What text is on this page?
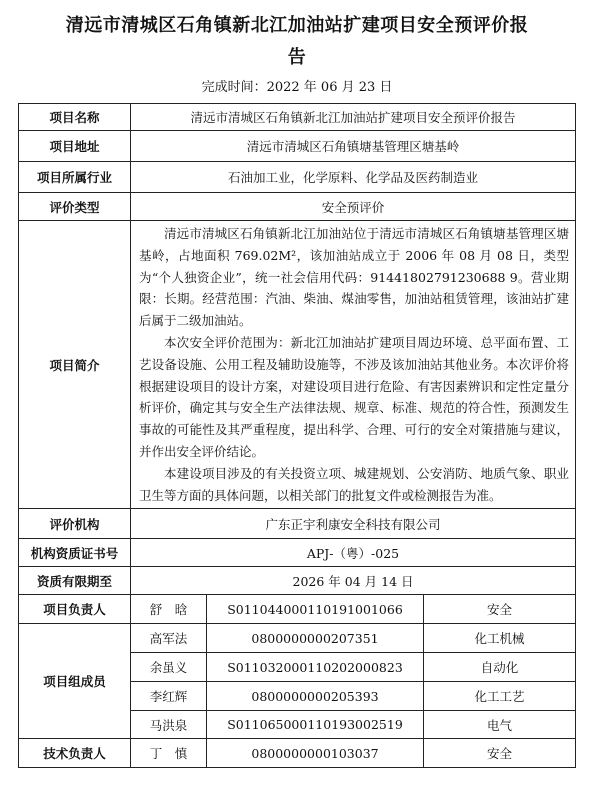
清远市清城区石角镇新北江加油站扩建项目安全预评价报
告
完成时间：2022 年 06 月 23 日
项目名称	清远市清城区石角镇新北江加油站扩建项目安全预评价报告		
项目地址	清远市清城区石角镇塘基管理区塘基岭		
项目所属行业	石油加工业，化学原料、化学品及医药制造业		
评价类型	安全预评价		
项目简介	清远市清城区石角镇新北江加油站位于清远市清城区石角镇塘基管理区塘基岭，占地面积 769.02M²，该加油站成立于 2006 年 08 月 08 日，类型为“个人独资企业”，统一社会信用代码：91441802791230688 9。营业期限：长期。经营范围：汽油、柴油、煤油零售，加油站租赁管理，该油站扩建后属于二级加油站。

本次安全评价范围为：新北江加油站扩建项目周边环境、总平面布置、工艺设备设施、公用工程及辅助设施等，不涉及该加油站其他业务。本次评价将根据建设项目的设计方案，对建设项目进行危险、有害因素辨识和定性定量分析评价，确定其与安全生产法律法规、规章、标准、规范的符合性，预测发生事故的可能性及其严重程度，提出科学、合理、可行的安全对策措施与建议，并作出安全评价结论。

本建设项目涉及的有关投资立项、城建规划、公安消防、地质气象、职业卫生等方面的具体问题，以相关部门的批复文件或检测报告为准。		

评价机构	广东正宇利康安全科技有限公司		
机构资质证书号	APJ-（粤）-025		
资质有限期至	2026 年 04 月 14 日		
项目负责人	舒　晗	S011044000110191001066	安全
项目组成员	高军法	0800000000207351	化工机械
	余虽义	S011032000110202000823	自动化
	李红辉	0800000000205393	化工工艺
	马洪泉	S011065000110193002519	电气
技术负责人	丁　慎	0800000000103037	安全
